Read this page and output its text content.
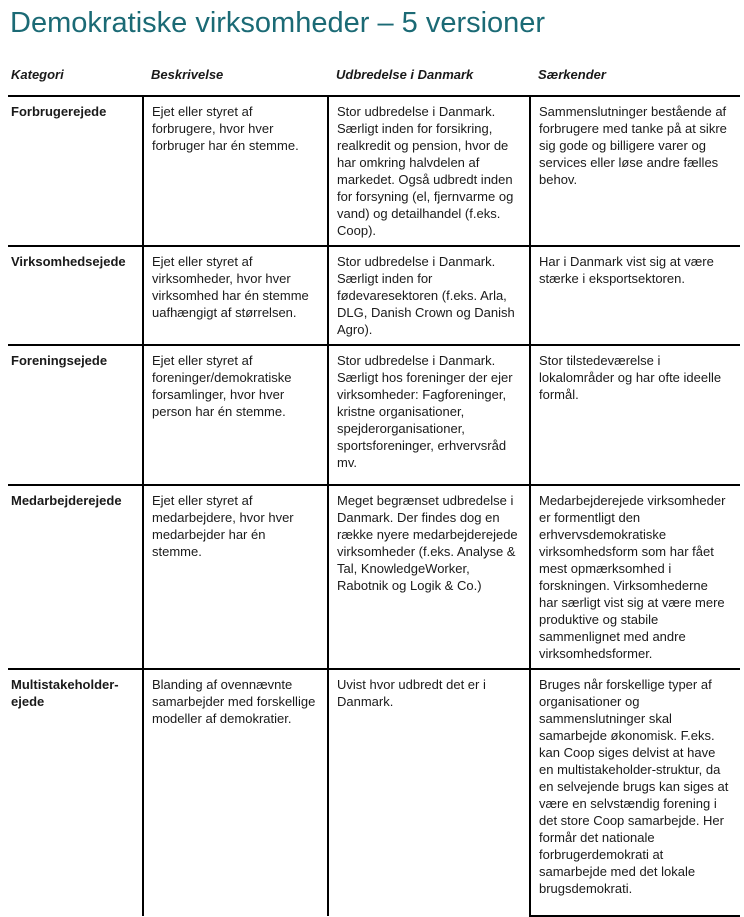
Demokratiske virksomheder – 5 versioner
Kategori	Beskrivelse	Udbredelse i Danmark	Særkender
Forbrugerejede	Ejet eller styret af forbrugere, hvor hver forbruger har én stemme.	Stor udbredelse i Danmark. Særligt inden for forsikring, realkredit og pension, hvor de har omkring halvdelen af markedet. Også udbredt inden for forsyning (el, fjernvarme og vand) og detailhandel (f.eks. Coop).	Sammenslutninger bestående af forbrugere med tanke på at sikre sig gode og billigere varer og services eller løse andre fælles behov.
Virksomhedsejede	Ejet eller styret af virksomheder, hvor hver virksomhed har én stemme uafhængigt af størrelsen.	Stor udbredelse i Danmark. Særligt inden for fødevaresektoren (f.eks. Arla, DLG, Danish Crown og Danish Agro).	Har i Danmark vist sig at være stærke i eksportsektoren.
Foreningsejede	Ejet eller styret af foreninger/demokratiske forsamlinger, hvor hver person har én stemme.	Stor udbredelse i Danmark. Særligt hos foreninger der ejer virksomheder: Fagforeninger, kristne organisationer, spejderorganisationer, sportsforeninger, erhvervsråd mv.	Stor tilstedeværelse i lokalområder og har ofte ideelle formål.
Medarbejderejede	Ejet eller styret af medarbejdere, hvor hver medarbejder har én stemme.	Meget begrænset udbredelse i Danmark. Der findes dog en række nyere medarbejderejede virksomheder (f.eks. Analyse & Tal, KnowledgeWorker, Rabotnik og Logik & Co.)	Medarbejderejede virksomheder er formentligt den erhvervsdemokratiske virksomhedsform som har fået mest opmærksomhed i forskningen. Virksomhederne har særligt vist sig at være mere produktive og stabile sammenlignet med andre virksomhedsformer.
Multistakeholder-ejede	Blanding af ovennævnte samarbejder med forskellige modeller af demokratier.	Uvist hvor udbredt det er i Danmark.	Bruges når forskellige typer af organisationer og sammenslutninger skal samarbejde økonomisk. F.eks. kan Coop siges delvist at have en multistakeholder-struktur, da en selvejende brugs kan siges at være en selvstændig forening i det store Coop samarbejde. Her formår det nationale forbrugerdemokrati at samarbejde med det lokale brugsdemokrati.
